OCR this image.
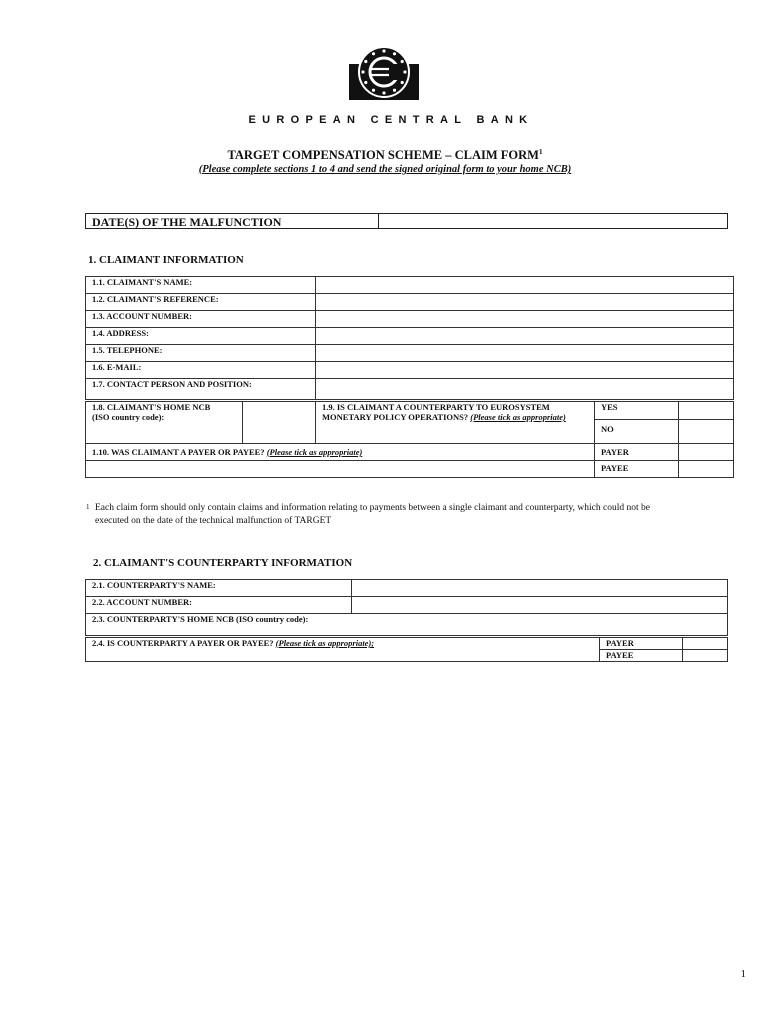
EUROPEAN CENTRAL BANK
TARGET COMPENSATION SCHEME – CLAIM FORM$^1$
(Please complete sections 1 to 4 and send the signed original form to your home NCB)
DATE(S) OF THE MALFUNCTION
1. CLAIMANT INFORMATION
1.1. CLAIMANT'S NAME:	
1.2. CLAIMANT'S REFERENCE:	
1.3. ACCOUNT NUMBER:	
1.4. ADDRESS:	
1.5. TELEPHONE:	
1.6. E-MAIL:	
1.7. CONTACT PERSON AND POSITION:	
1.8. CLAIMANT'S HOME NCB
(ISO country code):		1.9. IS CLAIMANT A COUNTERPARTY TO EUROSYSTEM MONETARY POLICY OPERATIONS? (Please tick as appropriate)	YES	
			NO	
1.10. WAS CLAIMANT A PAYER OR PAYEE? (Please tick as appropriate)			PAYER	
			PAYEE	
1 Each claim form should only contain claims and information relating to payments between a single claimant and counterparty, which could not be
executed on the date of the technical malfunction of TARGET
2. CLAIMANT'S COUNTERPARTY INFORMATION
2.1. COUNTERPARTY'S NAME:	
2.2. ACCOUNT NUMBER:	
2.3. COUNTERPARTY'S HOME NCB (ISO country code):	
2.4. IS COUNTERPARTY A PAYER OR PAYEE? (Please tick as appropriate);	PAYER	
	PAYEE	
1
